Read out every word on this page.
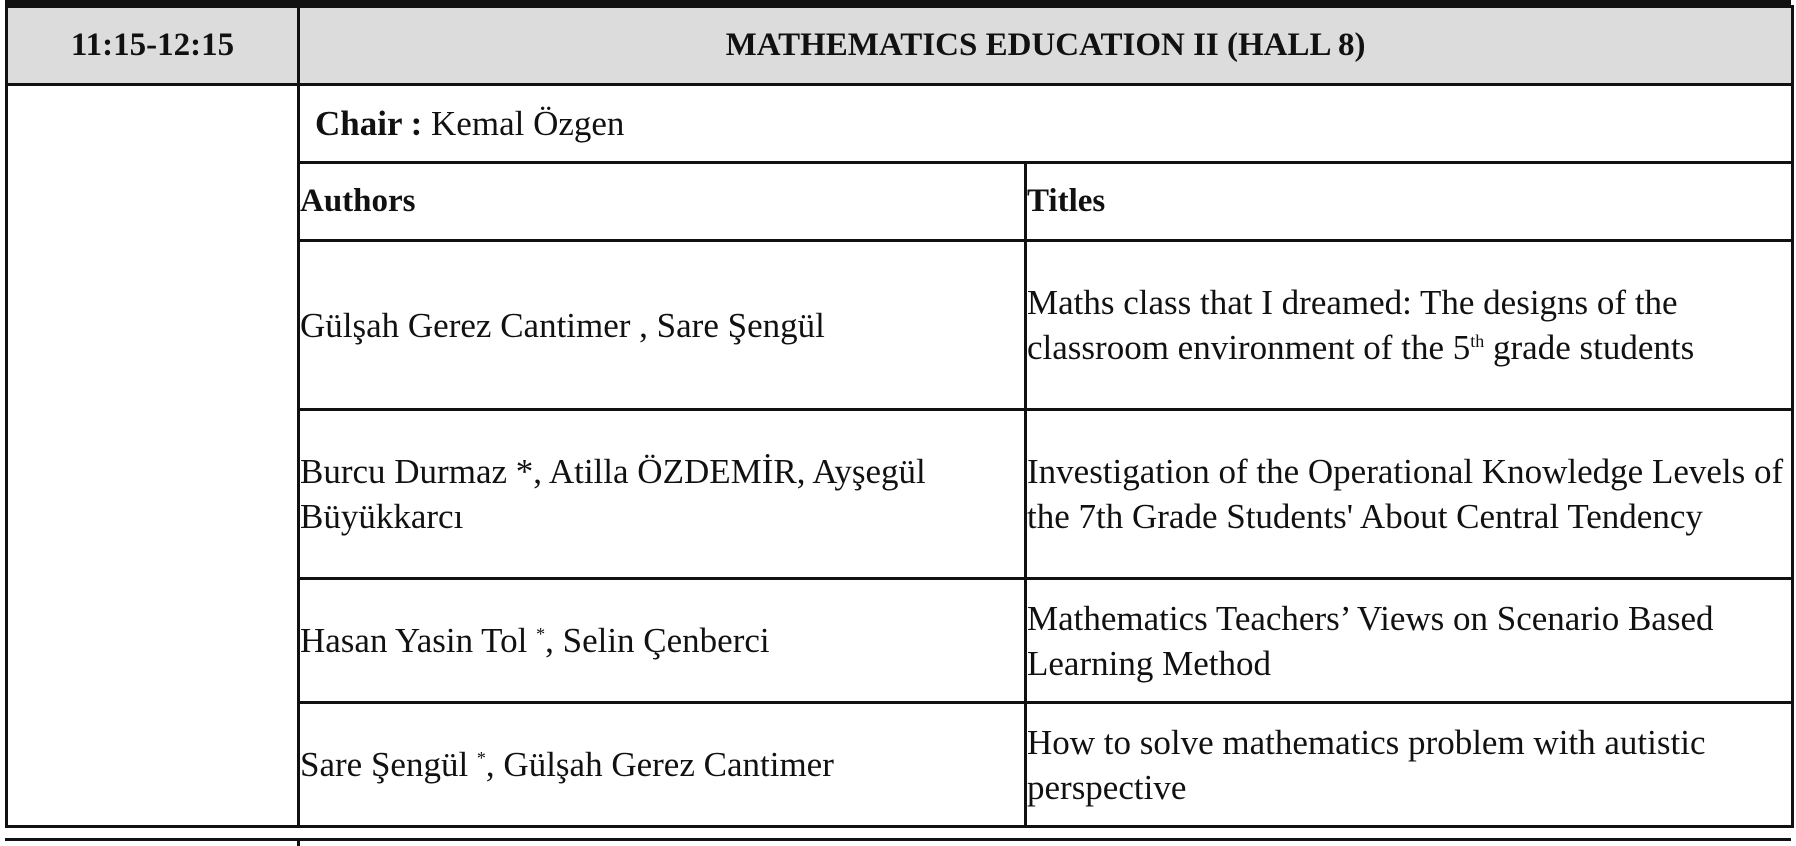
11:15-12:15	MATHEMATICS EDUCATION II (HALL 8)	
	Chair : Kemal Özgen	
	Authors	Titles
	Gülşah Gerez Cantimer , Sare Şengül	Maths class that I dreamed: The designs of the classroom environment of the 5th grade students
	Burcu Durmaz *, Atilla ÖZDEMİR, Ayşegül Büyükkarcı	Investigation of the Operational Knowledge Levels of the 7th Grade Students' About Central Tendency
	Hasan Yasin Tol *, Selin Çenberci	Mathematics Teachers’ Views on Scenario Based Learning Method
	Sare Şengül *, Gülşah Gerez Cantimer	How to solve mathematics problem with autistic perspective
